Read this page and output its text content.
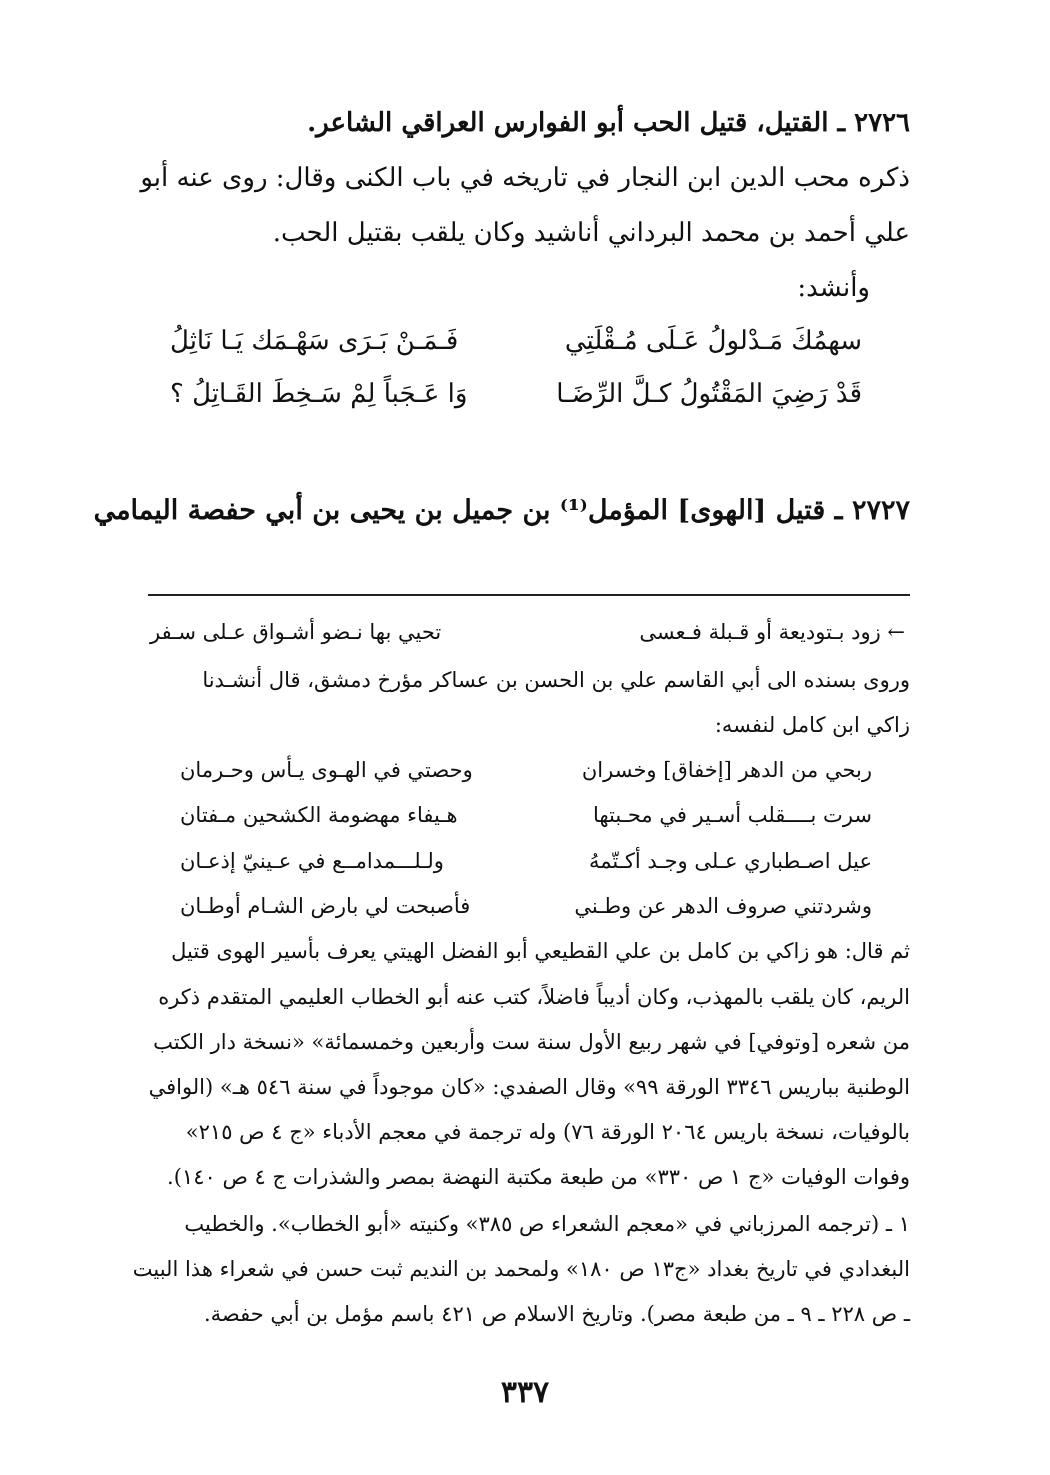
٢٧٢٦ ـ القتيل، قتيل الحب أبو الفوارس العراقي الشاعر.
ذكره محب الدين ابن النجار في تاريخه في باب الكنى وقال: روى عنه أبو
علي أحمد بن محمد البرداني أناشيد وكان يلقب بقتيل الحب.
وأنشد:
سهمُكَ مَـدْلولُ عَـلَى مُـقْلَتِي
فَـمَـنْ بَـرَى سَهْـمَك يَـا نَاثِلُ
قَدْ رَضِيَ المَقْتُولُ كـلَّ الرِّضَـا
وَا عَـجَباً لِمْ سَـخِطَ القَـاتِلُ ؟
٢٧٢٧ ـ قتيل [الهوى] المؤمل⁽¹⁾ بن جميل بن يحيى بن أبي حفصة اليمامي
← زود بـتوديعة أو قـبلة فـعسى
تحيي بها نـضو أشـواق عـلى سـفر
وروى بسنده الى أبي القاسم علي بن الحسن بن عساكر مؤرخ دمشق، قال أنشـدنا
زاكي ابن كامل لنفسه:
ربحي من الدهر [إخفاق] وخسران
وحصتي في الهـوى يـأس وحـرمان
سرت بــــقلب أسـير في محـبتها
هـيفاء مهضومة الكشحين مـفتان
عيل اصـطباري عـلى وجـد أكـتّمهُ
ولـلـــمدامــع في عـينيّ إذعـان
وشردتني صروف الدهر عن وطـني
فأصبحت لي بارض الشـام أوطـان
ثم قال: هو زاكي بن كامل بن علي القطيعي أبو الفضل الهيتي يعرف بأسير الهوى قتيل
الريم، كان يلقب بالمهذب، وكان أديباً فاضلاً، كتب عنه أبو الخطاب العليمي المتقدم ذكره
من شعره [وتوفي] في شهر ربيع الأول سنة ست وأربعين وخمسمائة» «نسخة دار الكتب
الوطنية بباريس ٣٣٤٦ الورقة ٩٩» وقال الصفدي: «كان موجوداً في سنة ٥٤٦ هـ» (الوافي
بالوفيات، نسخة باريس ٢٠٦٤ الورقة ٧٦) وله ترجمة في معجم الأدباء «ج ٤ ص ٢١٥»
وفوات الوفيات «ج ١ ص ٣٣٠» من طبعة مكتبة النهضة بمصر والشذرات ج ٤ ص ١٤٠).
١ ـ (ترجمه المرزباني في «معجم الشعراء ص ٣٨٥» وكنيته «أبو الخطاب». والخطيب
البغدادي في تاريخ بغداد «ج١٣ ص ١٨٠» ولمحمد بن النديم ثبت حسن في شعراء هذا البيت
ـ ص ٢٢٨ ـ ٩ ـ من طبعة مصر). وتاريخ الاسلام ص ٤٢١ باسم مؤمل بن أبي حفصة.
٣٣٧
